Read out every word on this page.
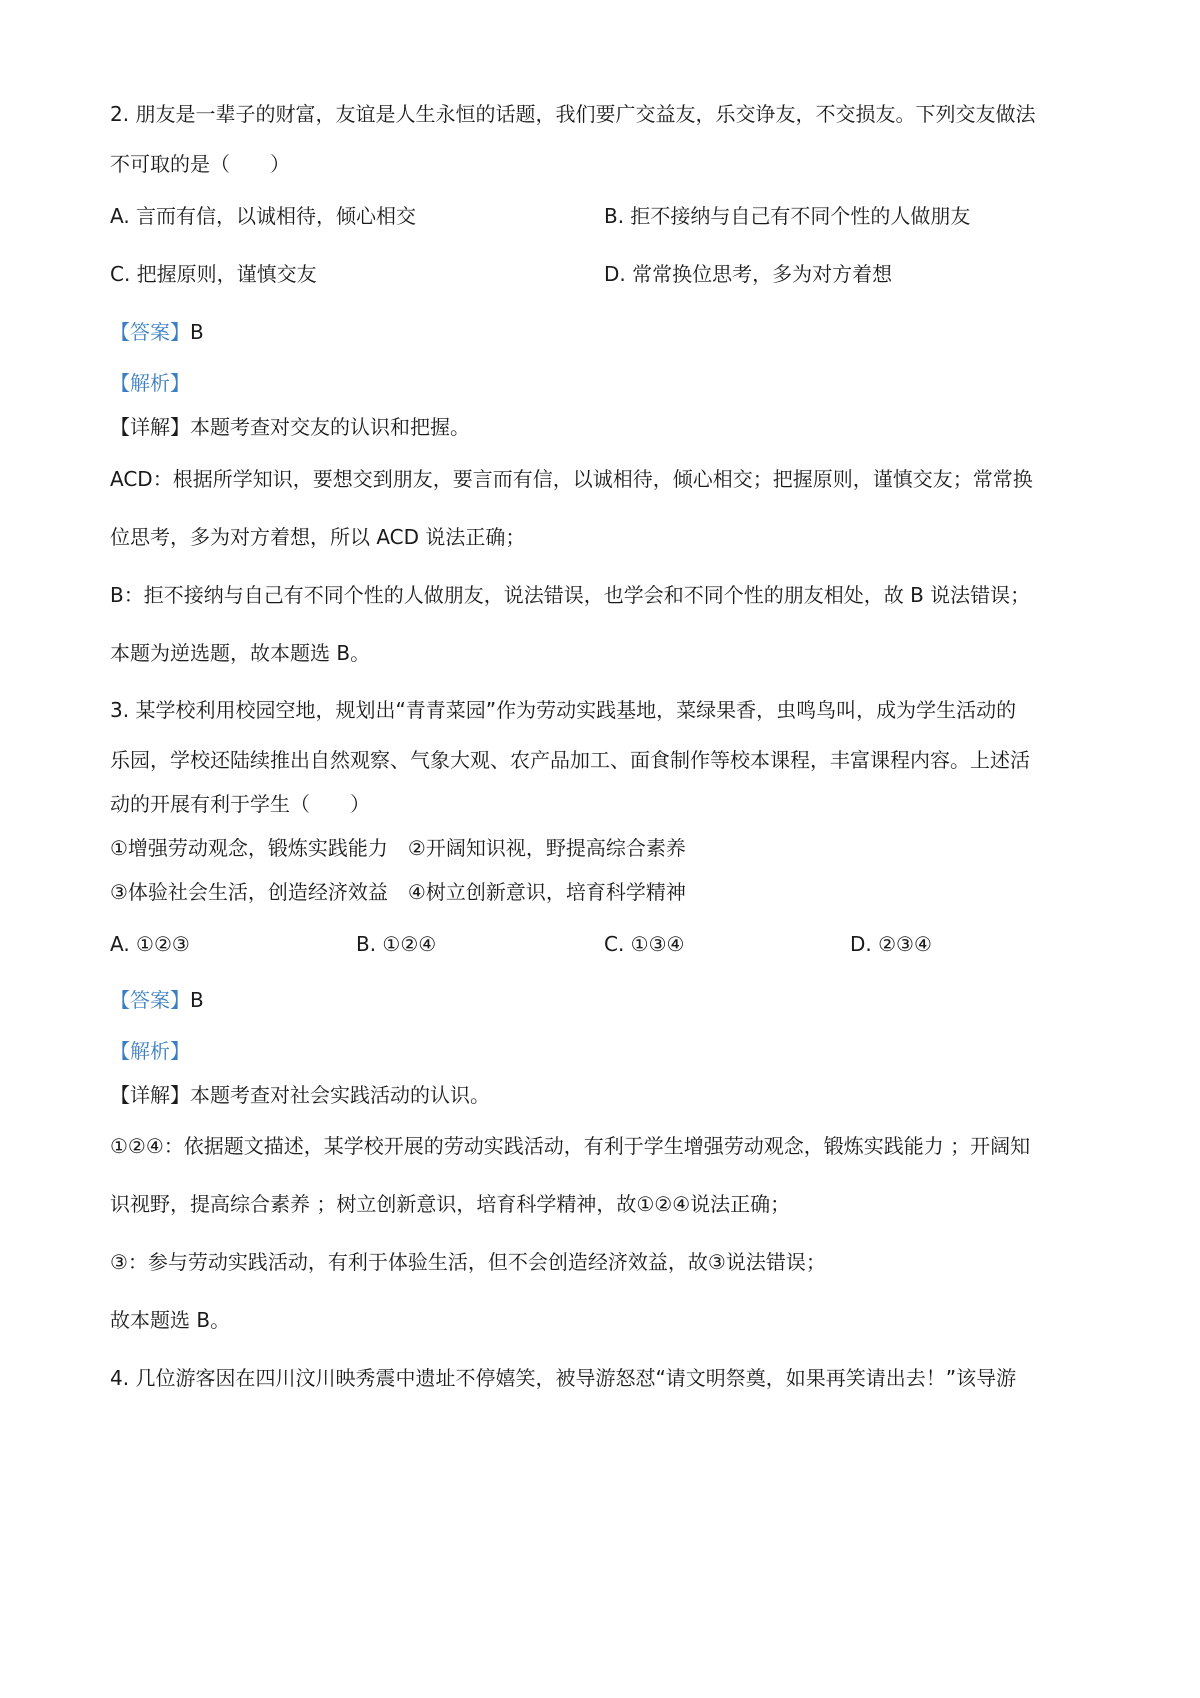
2. 朋友是一辈子的财富，友谊是人生永恒的话题，我们要广交益友，乐交诤友，不交损友。下列交友做法
不可取的是（　　）
A. 言而有信，以诚相待，倾心相交	B. 拒不接纳与自己有不同个性的人做朋友
C. 把握原则，谨慎交友	D. 常常换位思考，多为对方着想
【答案】B
【解析】
【详解】本题考查对交友的认识和把握。
ACD：根据所学知识，要想交到朋友，要言而有信，以诚相待，倾心相交；把握原则，谨慎交友；常常换
位思考，多为对方着想，所以 ACD 说法正确；
B：拒不接纳与自己有不同个性的人做朋友，说法错误，也学会和不同个性的朋友相处，故 B 说法错误；
本题为逆选题，故本题选 B。
3. 某学校利用校园空地，规划出“青青菜园”作为劳动实践基地，菜绿果香，虫鸣鸟叫，成为学生活动的
乐园，学校还陆续推出自然观察、气象大观、农产品加工、面食制作等校本课程，丰富课程内容。上述活
动的开展有利于学生（　　）
①增强劳动观念，锻炼实践能力　②开阔知识视，野提高综合素养
③体验社会生活，创造经济效益　④树立创新意识，培育科学精神
A. ①②③	B. ①②④	C. ①③④	D. ②③④
【答案】B
【解析】
【详解】本题考查对社会实践活动的认识。
①②④：依据题文描述，某学校开展的劳动实践活动，有利于学生增强劳动观念，锻炼实践能力 ；开阔知
识视野，提高综合素养 ；树立创新意识，培育科学精神，故①②④说法正确；
③：参与劳动实践活动，有利于体验生活，但不会创造经济效益，故③说法错误；
故本题选 B。
4. 几位游客因在四川汶川映秀震中遗址不停嬉笑，被导游怒怼“请文明祭奠，如果再笑请出去！”该导游
